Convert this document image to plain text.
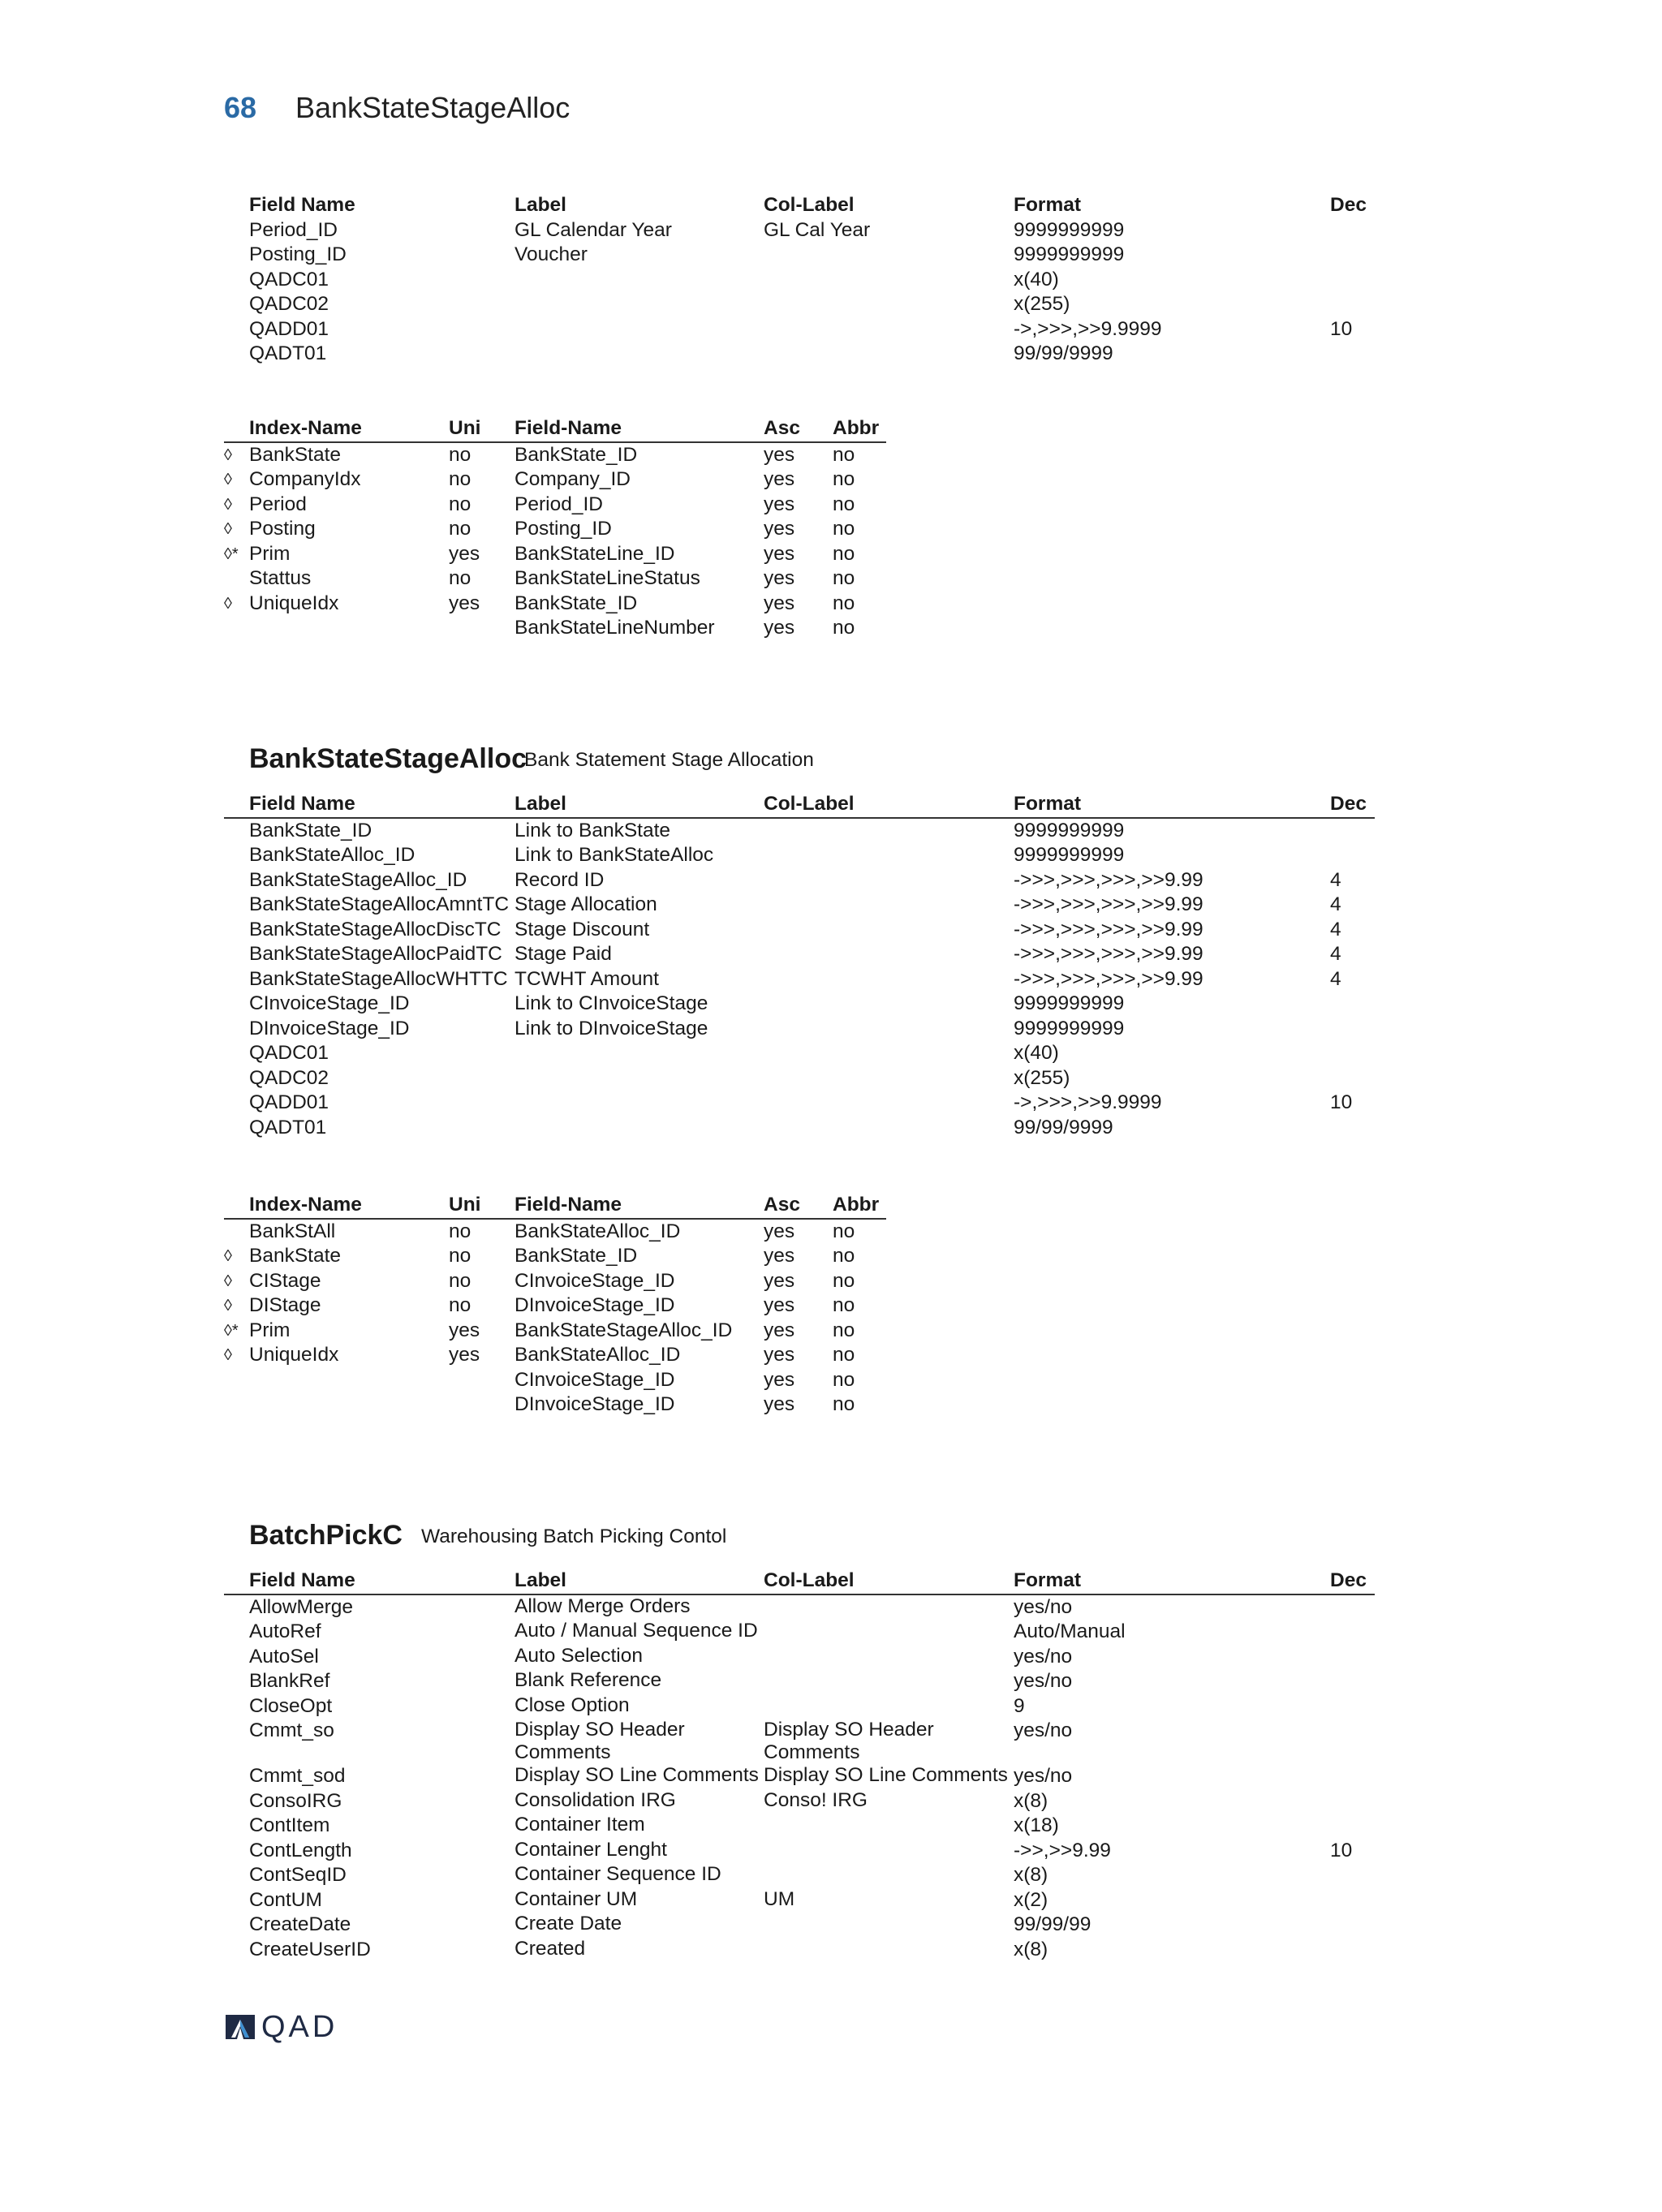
68 BankStateStageAlloc
	Field Name	Label	Col-Label	Format	Dec
	Period_ID	GL Calendar Year	GL Cal Year	9999999999	
	Posting_ID	Voucher		9999999999	
	QADC01			x(40)	
	QADC02			x(255)	
	QADD01			->,>>>,>>9.9999	10
	QADT01			99/99/9999	
	Index-Name	Uni	Field-Name	Asc	Abbr
◊	BankState	no	BankState_ID	yes	no
◊	CompanyIdx	no	Company_ID	yes	no
◊	Period	no	Period_ID	yes	no
◊	Posting	no	Posting_ID	yes	no
◊*	Prim	yes	BankStateLine_ID	yes	no
	Stattus	no	BankStateLineStatus	yes	no
◊	UniqueIdx	yes	BankState_ID	yes	no
			BankStateLineNumber	yes	no
BankStateStageAlloc
Bank Statement Stage Allocation
	Field Name	Label	Col-Label	Format	Dec
	BankState_ID	Link to BankState		9999999999	
	BankStateAlloc_ID	Link to BankStateAlloc		9999999999	
	BankStateStageAlloc_ID	Record ID		->>>,>>>,>>>,>>9.99	4
	BankStateStageAllocAmntTC	Stage Allocation		->>>,>>>,>>>,>>9.99	4
	BankStateStageAllocDiscTC	Stage Discount		->>>,>>>,>>>,>>9.99	4
	BankStateStageAllocPaidTC	Stage Paid		->>>,>>>,>>>,>>9.99	4
	BankStateStageAllocWHTTC	TCWHT Amount		->>>,>>>,>>>,>>9.99	4
	CInvoiceStage_ID	Link to CInvoiceStage		9999999999	
	DInvoiceStage_ID	Link to DInvoiceStage		9999999999	
	QADC01			x(40)	
	QADC02			x(255)	
	QADD01			->,>>>,>>9.9999	10
	QADT01			99/99/9999	
	Index-Name	Uni	Field-Name	Asc	Abbr
	BankStAll	no	BankStateAlloc_ID	yes	no
◊	BankState	no	BankState_ID	yes	no
◊	CIStage	no	CInvoiceStage_ID	yes	no
◊	DIStage	no	DInvoiceStage_ID	yes	no
◊*	Prim	yes	BankStateStageAlloc_ID	yes	no
◊	UniqueIdx	yes	BankStateAlloc_ID	yes	no
			CInvoiceStage_ID	yes	no
			DInvoiceStage_ID	yes	no
BatchPickC Warehousing Batch Picking Contol
	Field Name	Label	Col-Label	Format	Dec
	AllowMerge	Allow Merge Orders		yes/no	
	AutoRef	Auto / Manual Sequence ID		Auto/Manual	
	AutoSel	Auto Selection		yes/no	
	BlankRef	Blank Reference		yes/no	
	CloseOpt	Close Option		9	
	Cmmt_so	Display SO Header Comments	Display SO Header Comments	yes/no	
	Cmmt_sod	Display SO Line Comments	Display SO Line Comments	yes/no	
	ConsoIRG	Consolidation IRG	Conso! IRG	x(8)	
	ContItem	Container Item		x(18)	
	ContLength	Container Lenght		->>,>>9.99	10
	ContSeqID	Container Sequence ID		x(8)	
	ContUM	Container UM	UM	x(2)	
	CreateDate	Create Date		99/99/99	
	CreateUserID	Created		x(8)	
QAD
